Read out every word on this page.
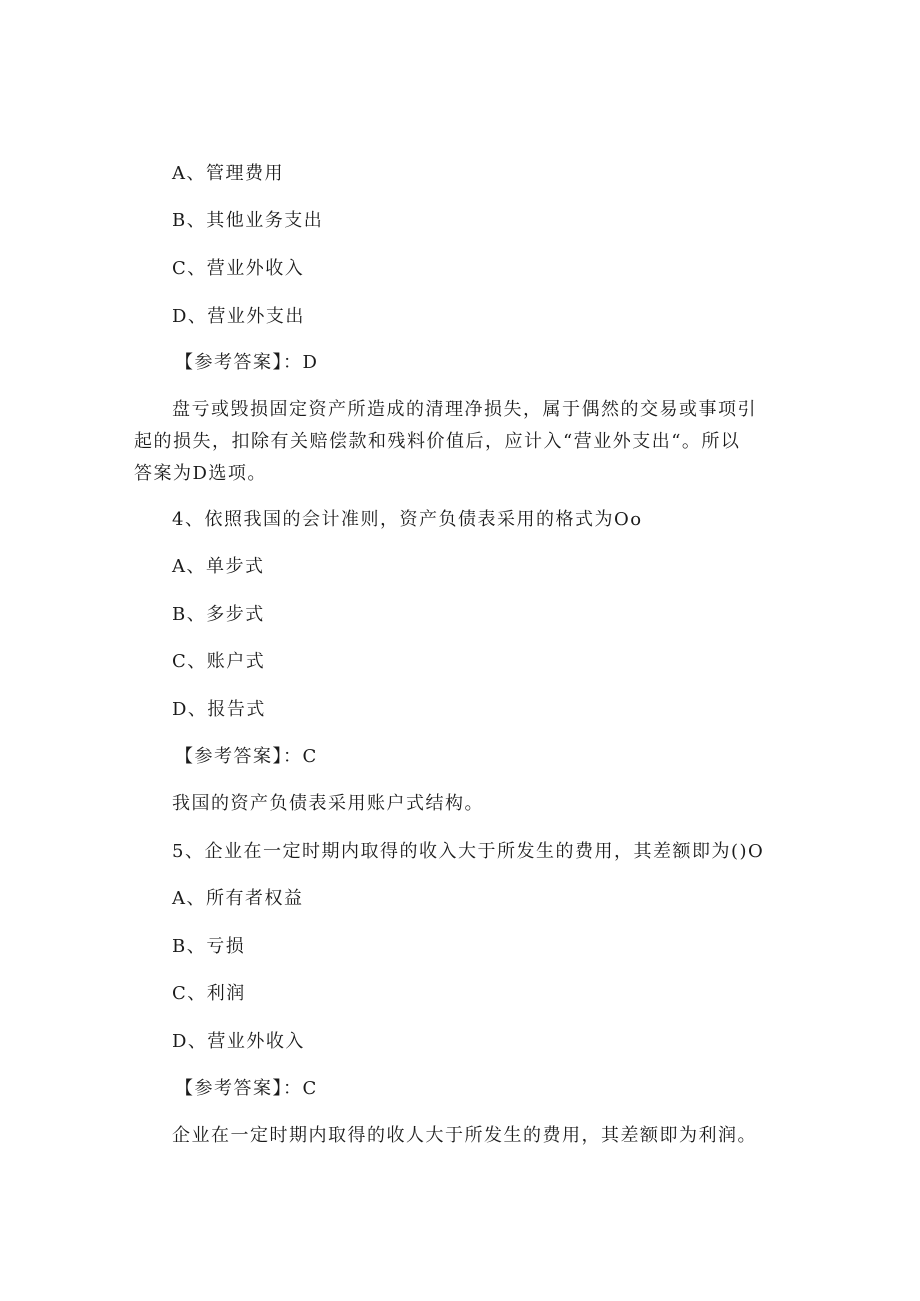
A、管理费用
B、其他业务支出
C、营业外收入
D、营业外支出
【参考答案】：D
盘亏或毁损固定资产所造成的清理净损失，属于偶然的交易或事项引
起的损失，扣除有关赔偿款和残料价值后，应计入“营业外支出“。所以
答案为D选项。
4、依照我国的会计准则，资产负债表采用的格式为Oo
A、单步式
B、多步式
C、账户式
D、报告式
【参考答案】：C
我国的资产负债表采用账户式结构。
5、企业在一定时期内取得的收入大于所发生的费用，其差额即为()O
A、所有者权益
B、亏损
C、利润
D、营业外收入
【参考答案】：C
企业在一定时期内取得的收人大于所发生的费用，其差额即为利润。
